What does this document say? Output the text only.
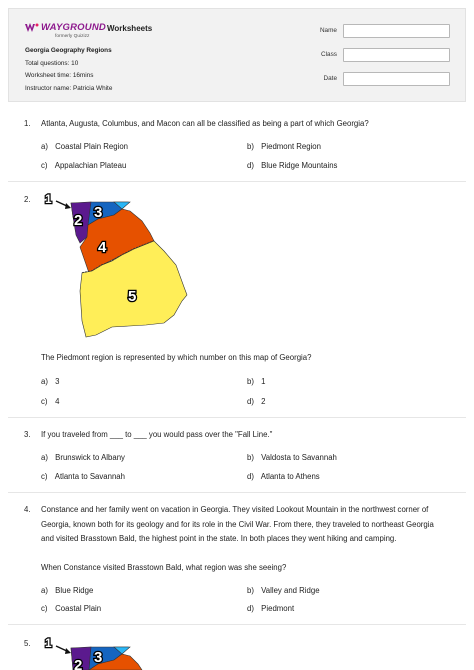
WAYGROUND
formerly Quizizz
Worksheets
Georgia Geography Regions
Total questions: 10
Worksheet time: 16mins
Instructor name: Patricia White
Name
Class
Date
1. Atlanta, Augusta, Columbus, and Macon can all be classified as being a part of which Georgia?
a) Coastal Plain Region	b) Piedmont Region
c) Appalachian Plateau	d) Blue Ridge Mountains
2. 1
2 3
4
5
The Piedmont region is represented by which number on this map of Georgia?
a) 3	b) 1
c) 4	d) 2
3. If you traveled from ___ to ___ you would pass over the "Fall Line."
a) Brunswick to Albany	b) Valdosta to Savannah
c) Atlanta to Savannah	d) Atlanta to Athens
4. Constance and her family went on vacation in Georgia. They visited Lookout Mountain in the northwest corner of
Georgia, known both for its geology and for its role in the Civil War. From there, they traveled to northeast Georgia
and visited Brasstown Bald, the highest point in the state. In both places they went hiking and camping.
When Constance visited Brasstown Bald, what region was she seeing?
a) Blue Ridge	b) Valley and Ridge
c) Coastal Plain	d) Piedmont
5. 1
2 3
